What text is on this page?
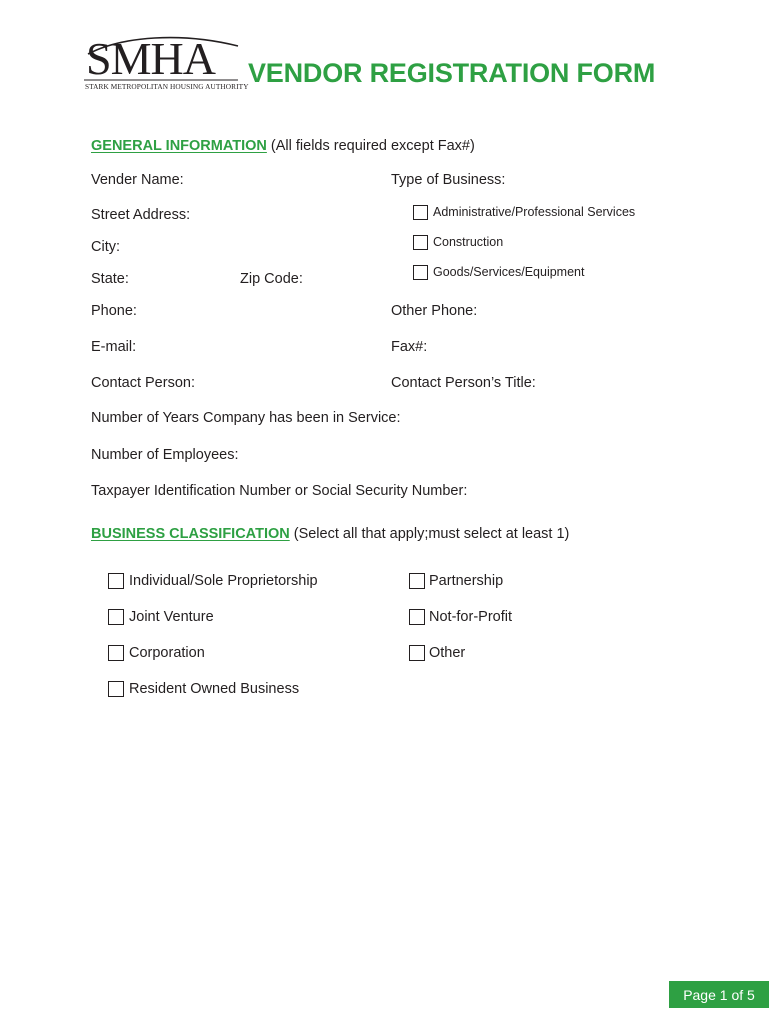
SMHA
STARK METROPOLITAN HOUSING AUTHORITY VENDOR REGISTRATION FORM
GENERAL INFORMATION (All fields required except Fax#)
Vender Name:
Street Address:
City:
State:	Zip Code:
Phone:
E-mail:
Contact Person:
Number of Years Company has been in Service:
Number of Employees:
Taxpayer Identification Number or Social Security Number:
Type of Business:
Administrative/Professional Services
Construction
Goods/Services/Equipment
Other Phone:
Fax#:
Contact Person’s Title:
BUSINESS CLASSIFICATION (Select all that apply;must select at least 1)
Individual/Sole Proprietorship
Joint Venture
Corporation
Resident Owned Business
Partnership
Not-for-Profit
Other
Page 1 of 5
